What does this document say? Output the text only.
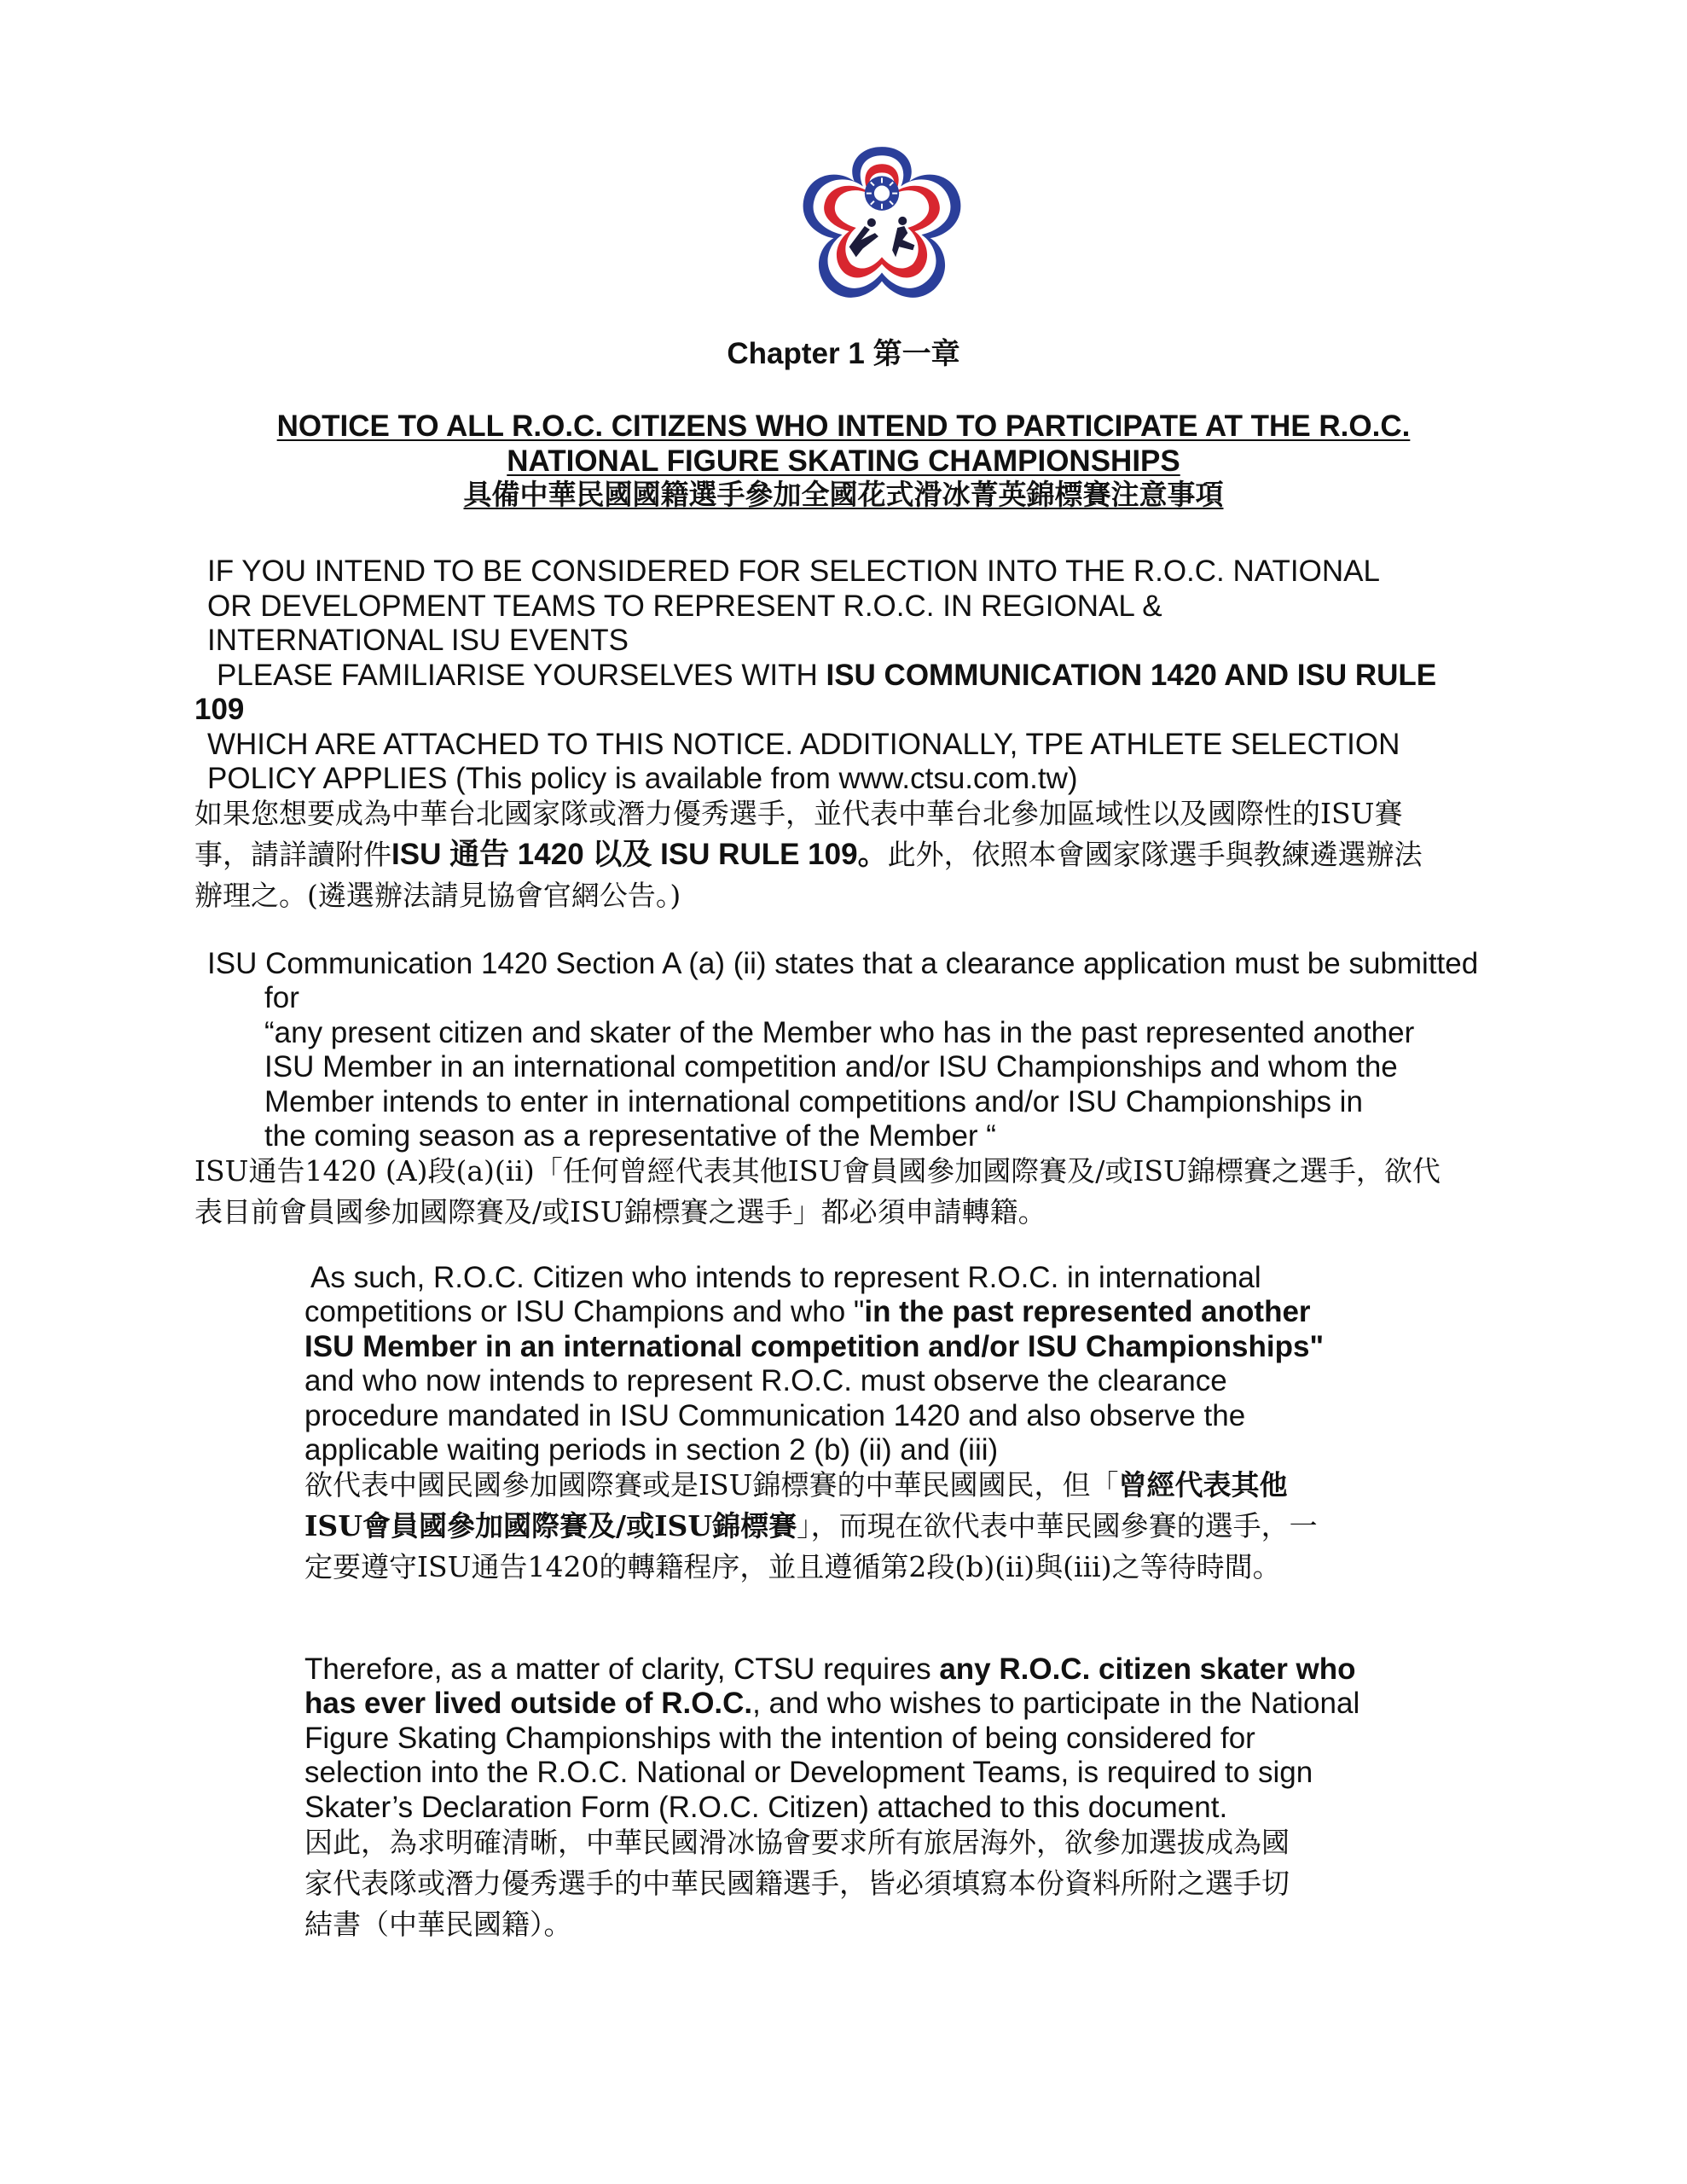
Chapter 1 第一章
NOTICE TO ALL R.O.C. CITIZENS WHO INTEND TO PARTICIPATE AT THE R.O.C.
NATIONAL FIGURE SKATING CHAMPIONSHIPS
具備中華民國國籍選手參加全國花式滑冰菁英錦標賽注意事項
IF YOU INTEND TO BE CONSIDERED FOR SELECTION INTO THE R.O.C. NATIONAL
OR DEVELOPMENT TEAMS TO REPRESENT R.O.C. IN REGIONAL &
INTERNATIONAL ISU EVENTS
PLEASE FAMILIARISE YOURSELVES WITH ISU COMMUNICATION 1420 AND ISU RULE
109
WHICH ARE ATTACHED TO THIS NOTICE. ADDITIONALLY, TPE ATHLETE SELECTION
POLICY APPLIES (This policy is available from www.ctsu.com.tw)
如果您想要成為中華台北國家隊或潛力優秀選手，並代表中華台北參加區域性以及國際性的ISU賽
事，請詳讀附件ISU 通告 1420 以及 ISU RULE 109。此外，依照本會國家隊選手與教練遴選辦法
辦理之。(遴選辦法請見協會官網公告。)
ISU Communication 1420 Section A (a) (ii) states that a clearance application must be submitted
for
“any present citizen and skater of the Member who has in the past represented another
ISU Member in an international competition and/or ISU Championships and whom the
Member intends to enter in international competitions and/or ISU Championships in
the coming season as a representative of the Member “
ISU通告1420 (A)段(a)(ii)「任何曾經代表其他ISU會員國參加國際賽及/或ISU錦標賽之選手，欲代
表目前會員國參加國際賽及/或ISU錦標賽之選手」都必須申請轉籍。
As such, R.O.C. Citizen who intends to represent R.O.C. in international
competitions or ISU Champions and who "in the past represented another
ISU Member in an international competition and/or ISU Championships"
and who now intends to represent R.O.C. must observe the clearance
procedure mandated in ISU Communication 1420 and also observe the
applicable waiting periods in section 2 (b) (ii) and (iii)
欲代表中國民國參加國際賽或是ISU錦標賽的中華民國國民，但「曾經代表其他
ISU會員國參加國際賽及/或ISU錦標賽」，而現在欲代表中華民國參賽的選手，一
定要遵守ISU通告1420的轉籍程序，並且遵循第2段(b)(ii)與(iii)之等待時間。
Therefore, as a matter of clarity, CTSU requires any R.O.C. citizen skater who
has ever lived outside of R.O.C., and who wishes to participate in the National
Figure Skating Championships with the intention of being considered for
selection into the R.O.C. National or Development Teams, is required to sign
Skater’s Declaration Form (R.O.C. Citizen) attached to this document.
因此，為求明確清晰，中華民國滑冰協會要求所有旅居海外，欲參加選拔成為國
家代表隊或潛力優秀選手的中華民國籍選手，皆必須填寫本份資料所附之選手切
結書（中華民國籍）。
